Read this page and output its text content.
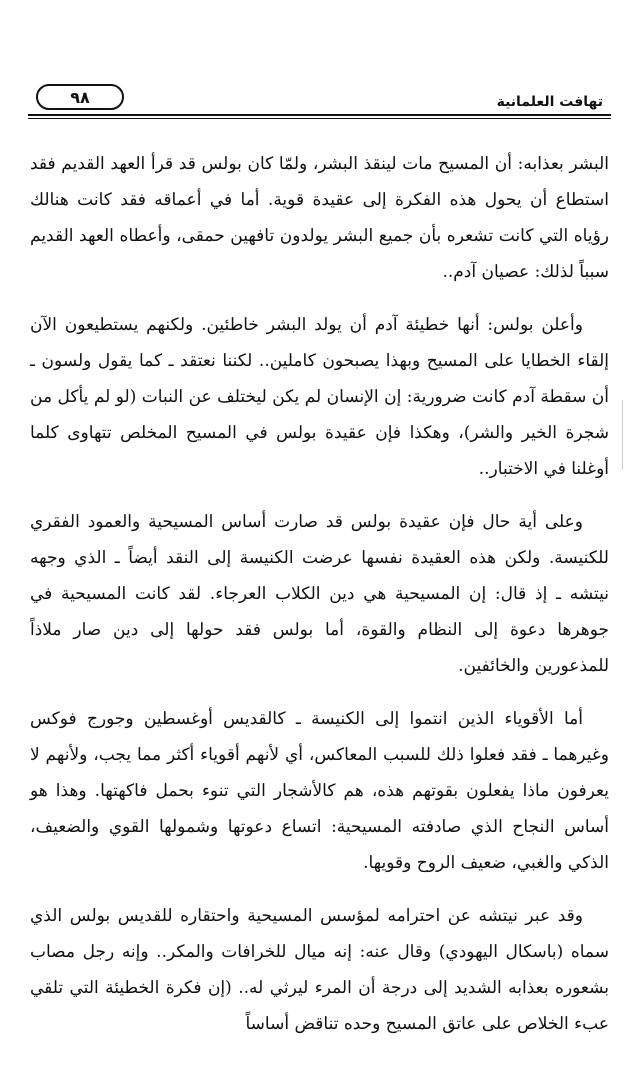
تهافت العلمانية
٩٨

البشر بعذابه: أن المسيح مات لينقذ البشر، ولمّا كان بولس قد قرأ العهد القديم فقد استطاع أن يحول هذه الفكرة إلى عقيدة قوية. أما في أعماقه فقد كانت هنالك رؤياه التي كانت تشعره بأن جميع البشر يولدون تافهين حمقى، وأعطاه العهد القديم سبباً لذلك: عصيان آدم..

وأعلن بولس: أنها خطيئة آدم أن يولد البشر خاطئين. ولكنهم يستطيعون الآن إلقاء الخطايا على المسيح وبهذا يصبحون كاملين.. لكننا نعتقد ـ كما يقول ولسون ـ أن سقطة آدم كانت ضرورية: إن الإنسان لم يكن ليختلف عن النبات (لو لم يأكل من شجرة الخير والشر)، وهكذا فإن عقيدة بولس في المسيح المخلص تتهاوى كلما أوغلنا في الاختبار..

وعلى أية حال فإن عقيدة بولس قد صارت أساس المسيحية والعمود الفقري للكنيسة. ولكن هذه العقيدة نفسها عرضت الكنيسة إلى النقد أيضاً ـ الذي وجهه نيتشه ـ إذ قال: إن المسيحية هي دين الكلاب العرجاء. لقد كانت المسيحية في جوهرها دعوة إلى النظام والقوة، أما بولس فقد حولها إلى دين صار ملاذاً للمذعورين والخائفين.

أما الأقوياء الذين انتموا إلى الكنيسة ـ كالقديس أوغسطين وجورج فوكس وغيرهما ـ فقد فعلوا ذلك للسبب المعاكس، أي لأنهم أقوياء أكثر مما يجب، ولأنهم لا يعرفون ماذا يفعلون بقوتهم هذه، هم كالأشجار التي تنوء بحمل فاكهتها. وهذا هو أساس النجاح الذي صادفته المسيحية: اتساع دعوتها وشمولها القوي والضعيف، الذكي والغبي، ضعيف الروح وقويها.

وقد عبر نيتشه عن احترامه لمؤسس المسيحية واحتقاره للقديس بولس الذي سماه (باسكال اليهودي) وقال عنه: إنه ميال للخرافات والمكر.. وإنه رجل مصاب بشعوره بعذابه الشديد إلى درجة أن المرء ليرثي له.. (إن فكرة الخطيئة التي تلقي عبء الخلاص على عاتق المسيح وحده تناقض أساساً
